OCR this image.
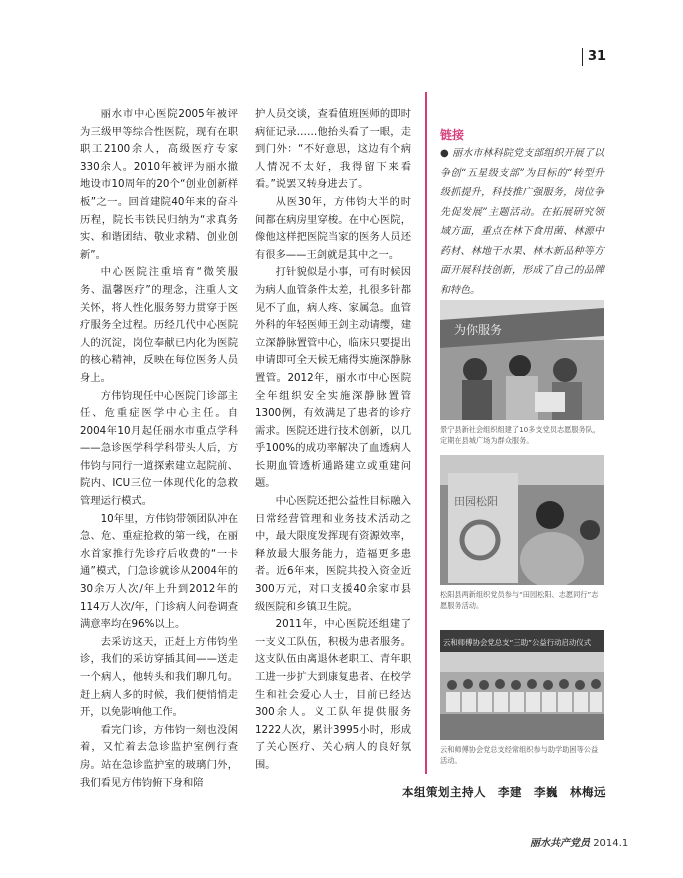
31

丽水市中心医院2005年被评为三级甲等综合性医院，现有在职职工2100余人，高级医疗专家330余人。2010年被评为丽水撤地设市10周年的20个“创业创新样板”之一。回首建院40年来的奋斗历程，院长韦铁民归纳为“求真务实、和谐团结、敬业求精、创业创新”。

中心医院注重培育“微笑服务、温馨医疗”的理念，注重人文关怀，将人性化服务努力贯穿于医疗服务全过程。历经几代中心医院人的沉淀，岗位奉献已内化为医院的核心精神，反映在每位医务人员身上。

方伟钧现任中心医院门诊部主任、危重症医学中心主任。自2004年10月起任丽水市重点学科——急诊医学科学科带头人后，方伟钧与同行一道探索建立起院前、院内、ICU三位一体现代化的急救管理运行模式。

10年里，方伟钧带领团队冲在急、危、重症抢救的第一线，在丽水首家推行先诊疗后收费的“一卡通”模式，门急诊就诊从2004年的30余万人次/年上升到2012年的114万人次/年，门诊病人问卷调查满意率均在96%以上。

去采访这天，正赶上方伟钧坐诊，我们的采访穿插其间——送走一个病人，他转头和我们聊几句。赶上病人多的时候，我们便悄悄走开，以免影响他工作。

看完门诊，方伟钧一刻也没闲着，又忙着去急诊监护室例行查房。站在急诊监护室的玻璃门外，我们看见方伟钧俯下身和陪

护人员交谈，查看值班医师的即时病征记录……他抬头看了一眼，走到门外：“不好意思，这边有个病人情况不太好，我得留下来看看。”说罢又转身进去了。

从医30年，方伟钧大半的时间都在病房里穿梭。在中心医院，像他这样把医院当家的医务人员还有很多——王剑就是其中之一。

打针貌似是小事，可有时候因为病人血管条件太差，扎很多针都见不了血，病人疼、家属急。血管外科的年轻医师王剑主动请缨，建立深静脉置管中心，临床只要提出申请即可全天候无痛得实施深静脉置管。2012年，丽水市中心医院全年组织安全实施深静脉置管1300例，有效满足了患者的诊疗需求。医院还进行技术创新，以几乎100%的成功率解决了血透病人长期血管透析通路建立或重建问题。

中心医院还把公益性目标融入日常经营管理和业务技术活动之中，最大限度发挥现有资源效率，释放最大服务能力，造福更多患者。近6年来，医院共投入资金近300万元，对口支援40余家市县级医院和乡镇卫生院。

2011年，中心医院还组建了一支义工队伍，积极为患者服务。这支队伍由离退休老职工、青年职工进一步扩大到康复患者、在校学生和社会爱心人士，目前已经达300余人。义工队年提供服务1222人次，累计3995小时，形成了关心医疗、关心病人的良好氛围。

链接
● 丽水市林科院党支部组织开展了以争创“五星级支部”为目标的“转型升级抓提升，科技推广强服务，岗位争先促发展”主题活动。在拓展研究领域方面，重点在林下食用菌、林源中药材、林地干水果、林木新品种等方面开展科技创新，形成了自己的品牌和特色。
为你服务
景宁县新社会组织组建了10多支党员志愿服务队，定期在县城广场为群众服务。
田园松阳
松阳县两新组织党员参与“田园松阳、志愿同行”志愿服务活动。
云和师傅协会党总支“三助”公益行动启动仪式
云和师傅协会党总支经常组织参与助学助困等公益活动。
本组策划主持人　李建　李巍　林梅远
丽水共产党员 2014.1
